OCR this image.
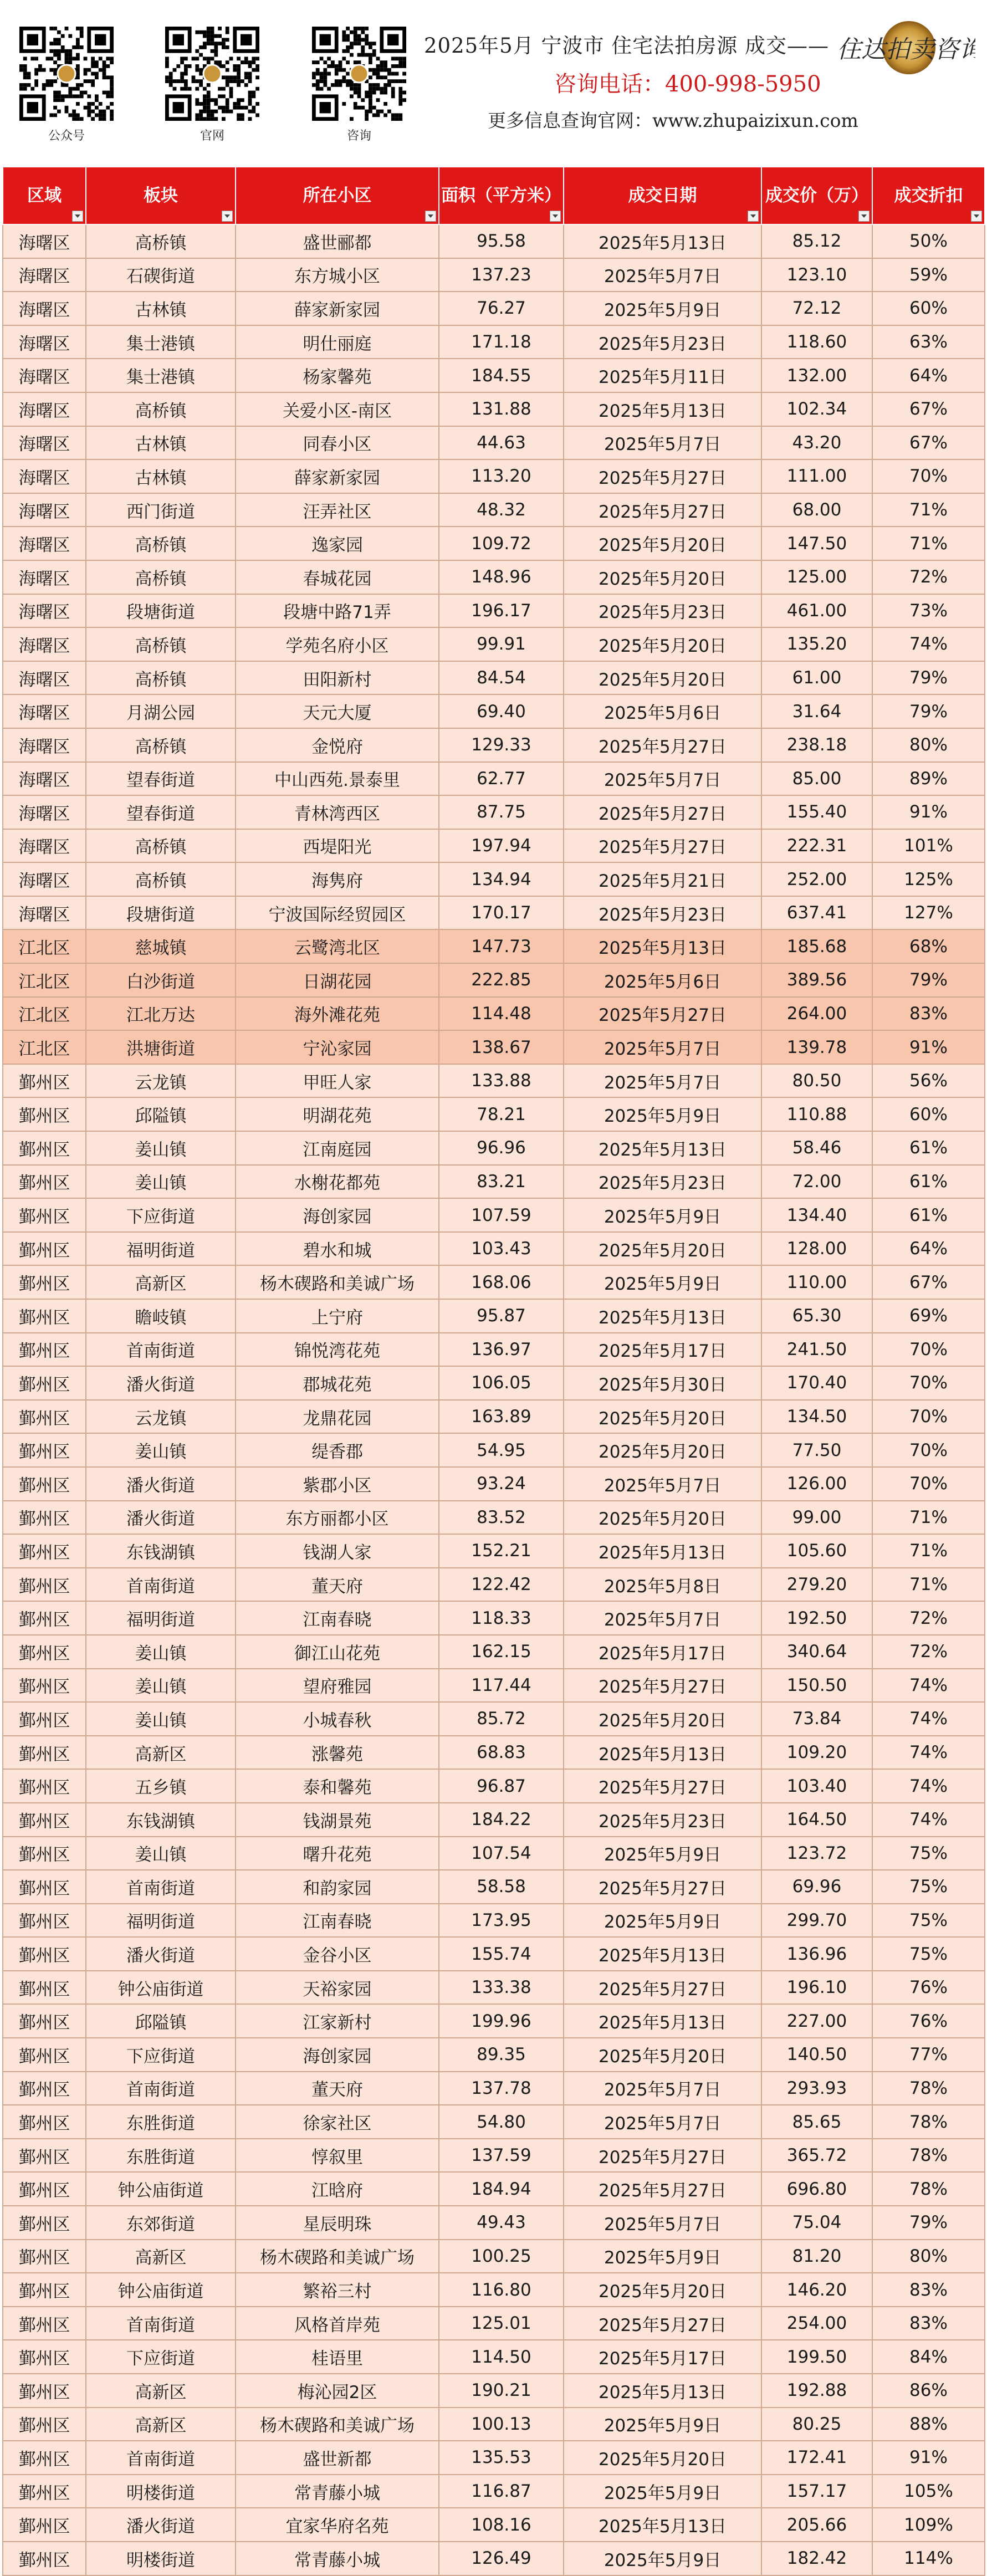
公众号	官网	咨询
2025年5月 宁波市 住宅法拍房源 成交—— 住达拍卖咨询
咨询电话：400-998-5950
更多信息查询官网：www.zhupaizixun.com
区域	板块	所在小区	面积（平方米）	成交日期	成交价（万）	成交折扣

海曙区	高桥镇	盛世郦都	95.58	2025年5月13日	85.12	50%
海曙区	石碶街道	东方城小区	137.23	2025年5月7日	123.10	59%
海曙区	古林镇	薛家新家园	76.27	2025年5月9日	72.12	60%
海曙区	集士港镇	明仕丽庭	171.18	2025年5月23日	118.60	63%
海曙区	集士港镇	杨家馨苑	184.55	2025年5月11日	132.00	64%
海曙区	高桥镇	关爱小区-南区	131.88	2025年5月13日	102.34	67%
海曙区	古林镇	同春小区	44.63	2025年5月7日	43.20	67%
海曙区	古林镇	薛家新家园	113.20	2025年5月27日	111.00	70%
海曙区	西门街道	汪弄社区	48.32	2025年5月27日	68.00	71%
海曙区	高桥镇	逸家园	109.72	2025年5月20日	147.50	71%
海曙区	高桥镇	春城花园	148.96	2025年5月20日	125.00	72%
海曙区	段塘街道	段塘中路71弄	196.17	2025年5月23日	461.00	73%
海曙区	高桥镇	学苑名府小区	99.91	2025年5月20日	135.20	74%
海曙区	高桥镇	田阳新村	84.54	2025年5月20日	61.00	79%
海曙区	月湖公园	天元大厦	69.40	2025年5月6日	31.64	79%
海曙区	高桥镇	金悦府	129.33	2025年5月27日	238.18	80%
海曙区	望春街道	中山西苑.景泰里	62.77	2025年5月7日	85.00	89%
海曙区	望春街道	青林湾西区	87.75	2025年5月27日	155.40	91%
海曙区	高桥镇	西堤阳光	197.94	2025年5月27日	222.31	101%
海曙区	高桥镇	海隽府	134.94	2025年5月21日	252.00	125%
海曙区	段塘街道	宁波国际经贸园区	170.17	2025年5月23日	637.41	127%
江北区	慈城镇	云鹭湾北区	147.73	2025年5月13日	185.68	68%
江北区	白沙街道	日湖花园	222.85	2025年5月6日	389.56	79%
江北区	江北万达	海外滩花苑	114.48	2025年5月27日	264.00	83%
江北区	洪塘街道	宁沁家园	138.67	2025年5月7日	139.78	91%
鄞州区	云龙镇	甲旺人家	133.88	2025年5月7日	80.50	56%
鄞州区	邱隘镇	明湖花苑	78.21	2025年5月9日	110.88	60%
鄞州区	姜山镇	江南庭园	96.96	2025年5月13日	58.46	61%
鄞州区	姜山镇	水榭花都苑	83.21	2025年5月23日	72.00	61%
鄞州区	下应街道	海创家园	107.59	2025年5月9日	134.40	61%
鄞州区	福明街道	碧水和城	103.43	2025年5月20日	128.00	64%
鄞州区	高新区	杨木碶路和美诚广场	168.06	2025年5月9日	110.00	67%
鄞州区	瞻岐镇	上宁府	95.87	2025年5月13日	65.30	69%
鄞州区	首南街道	锦悦湾花苑	136.97	2025年5月17日	241.50	70%
鄞州区	潘火街道	郡城花苑	106.05	2025年5月30日	170.40	70%
鄞州区	云龙镇	龙鼎花园	163.89	2025年5月20日	134.50	70%
鄞州区	姜山镇	缇香郡	54.95	2025年5月20日	77.50	70%
鄞州区	潘火街道	紫郡小区	93.24	2025年5月7日	126.00	70%
鄞州区	潘火街道	东方丽都小区	83.52	2025年5月20日	99.00	71%
鄞州区	东钱湖镇	钱湖人家	152.21	2025年5月13日	105.60	71%
鄞州区	首南街道	董天府	122.42	2025年5月8日	279.20	71%
鄞州区	福明街道	江南春晓	118.33	2025年5月7日	192.50	72%
鄞州区	姜山镇	御江山花苑	162.15	2025年5月17日	340.64	72%
鄞州区	姜山镇	望府雅园	117.44	2025年5月27日	150.50	74%
鄞州区	姜山镇	小城春秋	85.72	2025年5月20日	73.84	74%
鄞州区	高新区	涨馨苑	68.83	2025年5月13日	109.20	74%
鄞州区	五乡镇	泰和馨苑	96.87	2025年5月27日	103.40	74%
鄞州区	东钱湖镇	钱湖景苑	184.22	2025年5月23日	164.50	74%
鄞州区	姜山镇	曙升花苑	107.54	2025年5月9日	123.72	75%
鄞州区	首南街道	和韵家园	58.58	2025年5月27日	69.96	75%
鄞州区	福明街道	江南春晓	173.95	2025年5月9日	299.70	75%
鄞州区	潘火街道	金谷小区	155.74	2025年5月13日	136.96	75%
鄞州区	钟公庙街道	天裕家园	133.38	2025年5月27日	196.10	76%
鄞州区	邱隘镇	江家新村	199.96	2025年5月13日	227.00	76%
鄞州区	下应街道	海创家园	89.35	2025年5月20日	140.50	77%
鄞州区	首南街道	董天府	137.78	2025年5月7日	293.93	78%
鄞州区	东胜街道	徐家社区	54.80	2025年5月7日	85.65	78%
鄞州区	东胜街道	惇叙里	137.59	2025年5月27日	365.72	78%
鄞州区	钟公庙街道	江晗府	184.94	2025年5月27日	696.80	78%
鄞州区	东郊街道	星辰明珠	49.43	2025年5月7日	75.04	79%
鄞州区	高新区	杨木碶路和美诚广场	100.25	2025年5月9日	81.20	80%
鄞州区	钟公庙街道	繁裕三村	116.80	2025年5月20日	146.20	83%
鄞州区	首南街道	风格首岸苑	125.01	2025年5月27日	254.00	83%
鄞州区	下应街道	桂语里	114.50	2025年5月17日	199.50	84%
鄞州区	高新区	梅沁园2区	190.21	2025年5月13日	192.88	86%
鄞州区	高新区	杨木碶路和美诚广场	100.13	2025年5月9日	80.25	88%
鄞州区	首南街道	盛世新都	135.53	2025年5月20日	172.41	91%
鄞州区	明楼街道	常青藤小城	116.87	2025年5月9日	157.17	105%
鄞州区	潘火街道	宜家华府名苑	108.16	2025年5月13日	205.66	109%
鄞州区	明楼街道	常青藤小城	126.49	2025年5月9日	182.42	114%
